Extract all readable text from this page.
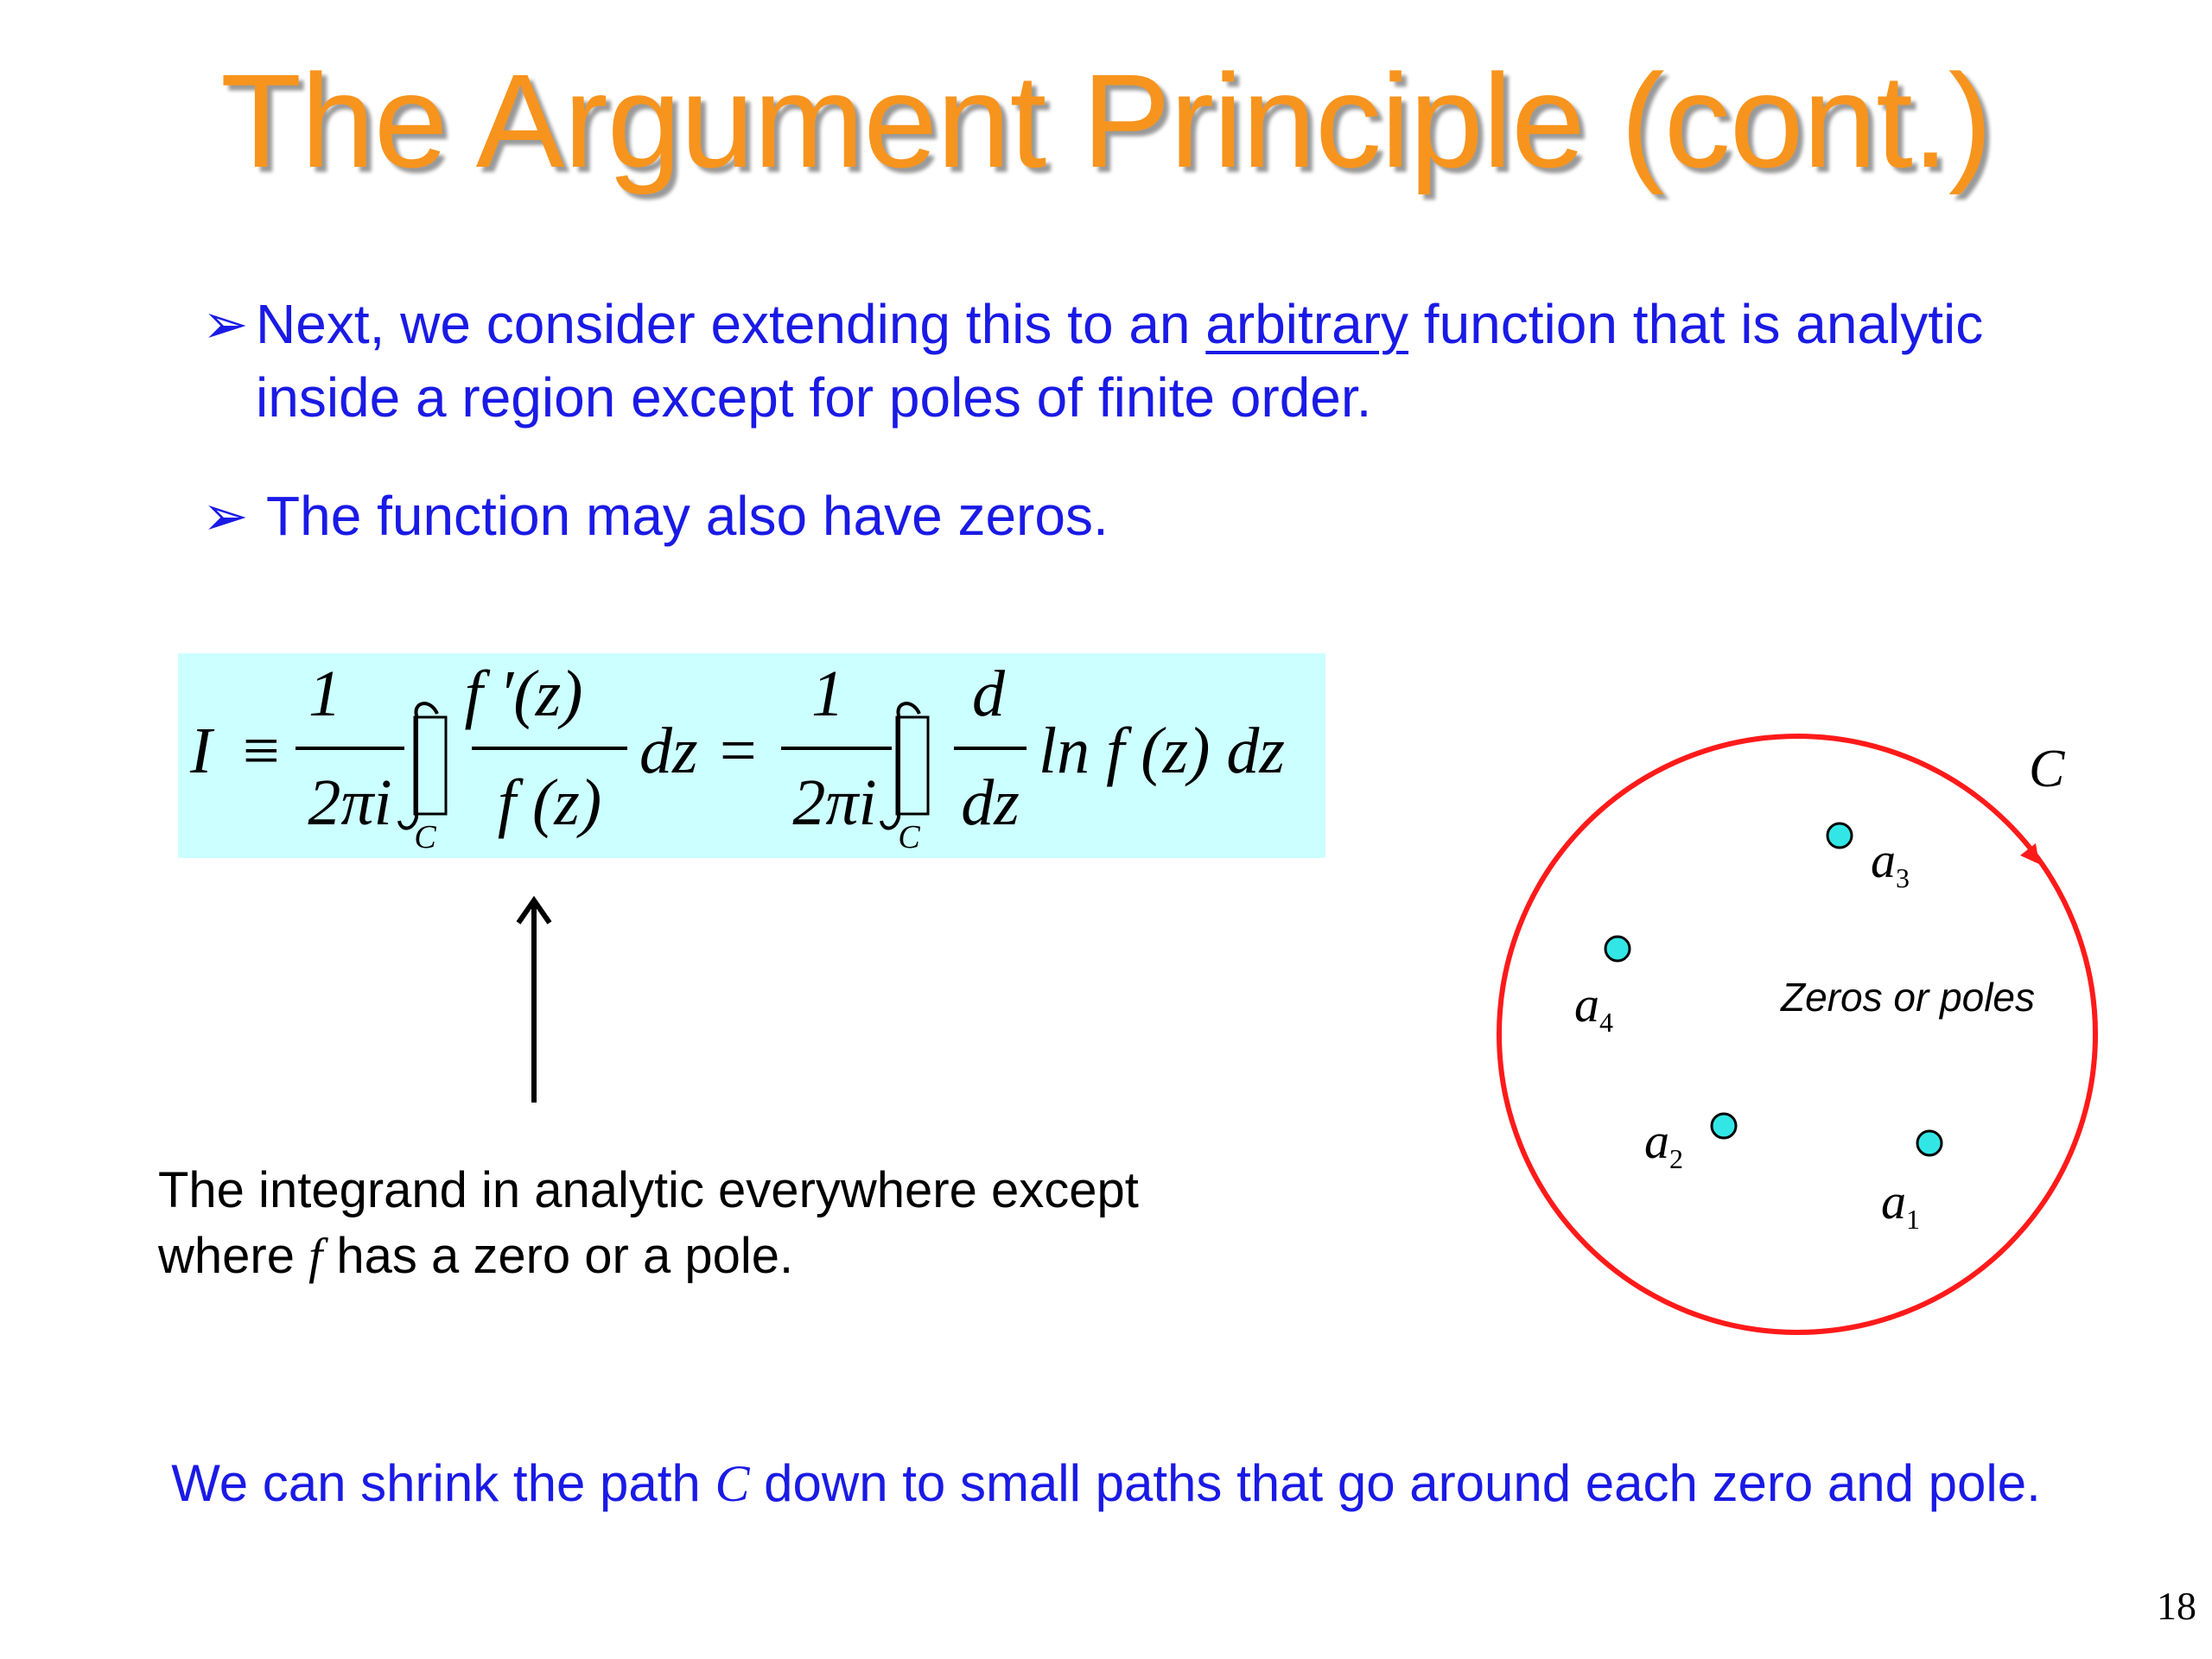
The Argument Principle (cont.)
➢ Next, we consider extending this to an arbitrary function that is analytic inside a region except for poles of finite order.
➢ The function may also have zeros.
I ≡
1
2πi C
f ′(z)
f (z)
dz =
1
2πi C
d
dz
ln f (z) dz
The integrand in analytic everywhere except
where f has a zero or a pole.
C
Zeros or poles
$a_3$
$a_4$
$a_2$
$a_1$
We can shrink the path C down to small paths that go around each zero and pole.
18
